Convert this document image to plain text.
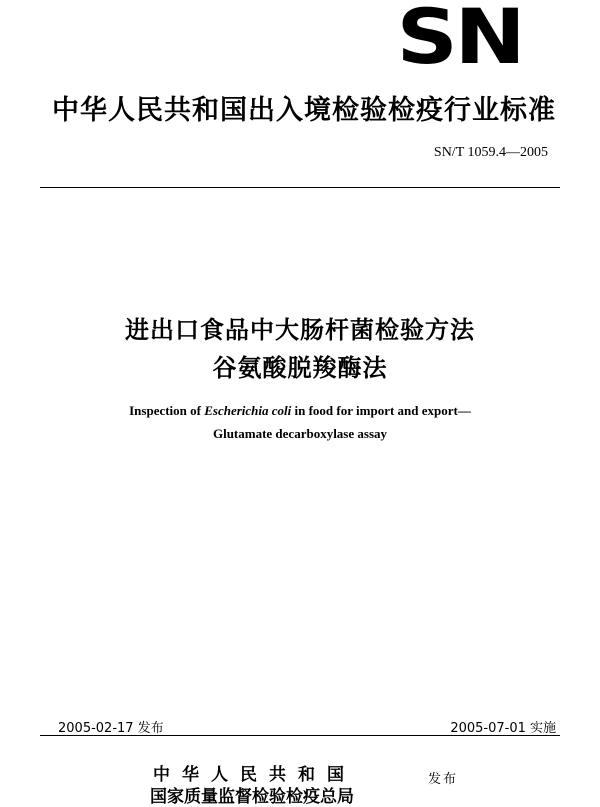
SN
中华人民共和国出入境检验检疫行业标准
SN/T 1059.4—2005
进出口食品中大肠杆菌检验方法
谷氨酸脱羧酶法
Inspection of Escherichia coli in food for import and export—
Glutamate decarboxylase assay
2005-02-17 发布	2005-07-01 实施
中华人民共和国
国家质量监督检验检疫总局
发布
